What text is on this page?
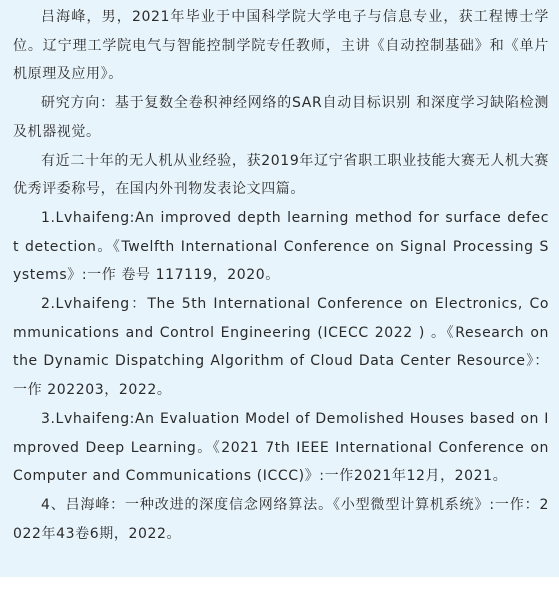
吕海峰，男，2021年毕业于中国科学院大学电子与信息专业，获工程博士学位。辽宁理工学院电气与智能控制学院专任教师，主讲《自动控制基础》和《单片机原理及应用》。

研究方向：基于复数全卷积神经网络的SAR自动目标识别 和深度学习缺陷检测及机器视觉。

有近二十年的无人机从业经验，获2019年辽宁省职工职业技能大赛无人机大赛优秀评委称号，在国内外刊物发表论文四篇。

1.Lvhaifeng:An improved depth learning method for surface defect detection。《Twelfth International Conference on Signal Processing Systems》:一作 卷号 117119，2020。

2.Lvhaifeng：The 5th International Conference on Electronics, Communications and Control Engineering (ICECC 2022 ) 。《Research on the Dynamic Dispatching Algorithm of Cloud Data Center Resource》：一作 202203，2022。

3.Lvhaifeng:An Evaluation Model of Demolished Houses based on Improved Deep Learning。《2021 7th IEEE International Conference on Computer and Communications (ICCC)》:一作2021年12月，2021。

4、吕海峰：一种改进的深度信念网络算法。《小型微型计算机系统》:一作：2022年43卷6期，2022。
